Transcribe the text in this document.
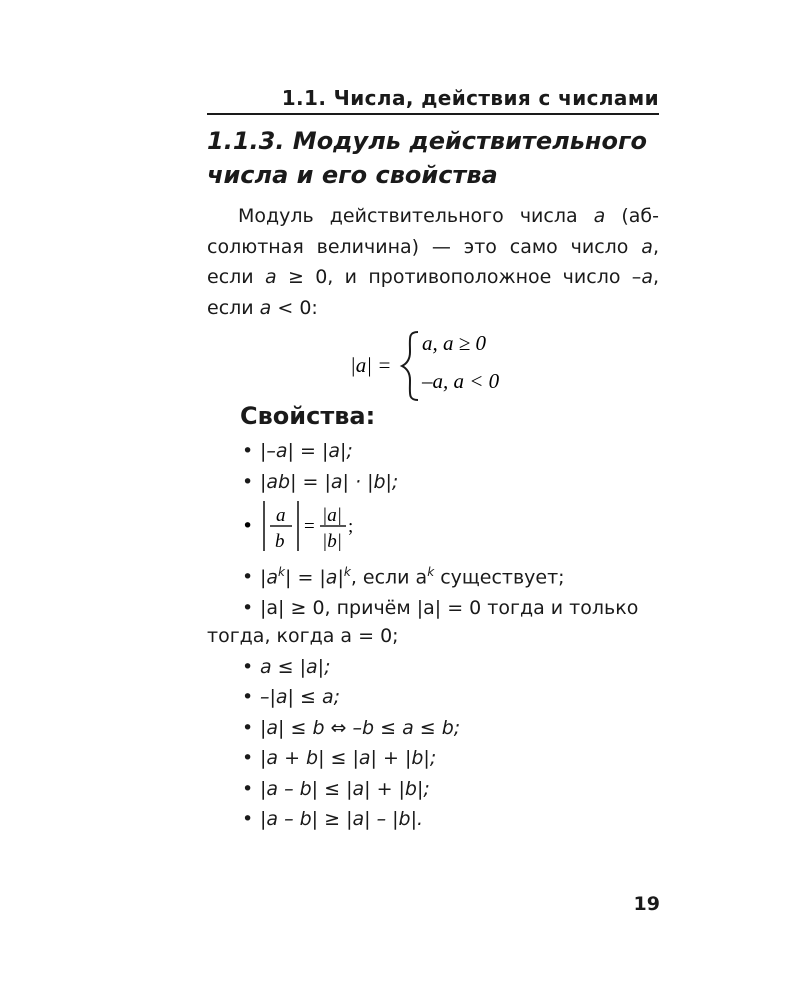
1.1. Числа, действия с числами
1.1.3. Модуль действительного
числа и его свойства
Модуль действительного числа a (аб-солютная величина) — это само число a, если a ≥ 0, и противоположное число –a, если a < 0:
|a| =
a, a ≥ 0
–a, a < 0
Свойства:
• |–a| = |a|;
• |ab| = |a| · |b|;
• a
b
=
|a|
|b|
;
• $|a^k| = |a|^k$, если $a^k$ существует;
• |a| ≥ 0, причём |a| = 0 тогда и только
тогда, когда a = 0;
• a ≤ |a|;
• –|a| ≤ a;
• |a| ≤ b ⇔ –b ≤ a ≤ b;
• |a + b| ≤ |a| + |b|;
• |a – b| ≤ |a| + |b|;
• |a – b| ≥ |a| – |b|.
19
